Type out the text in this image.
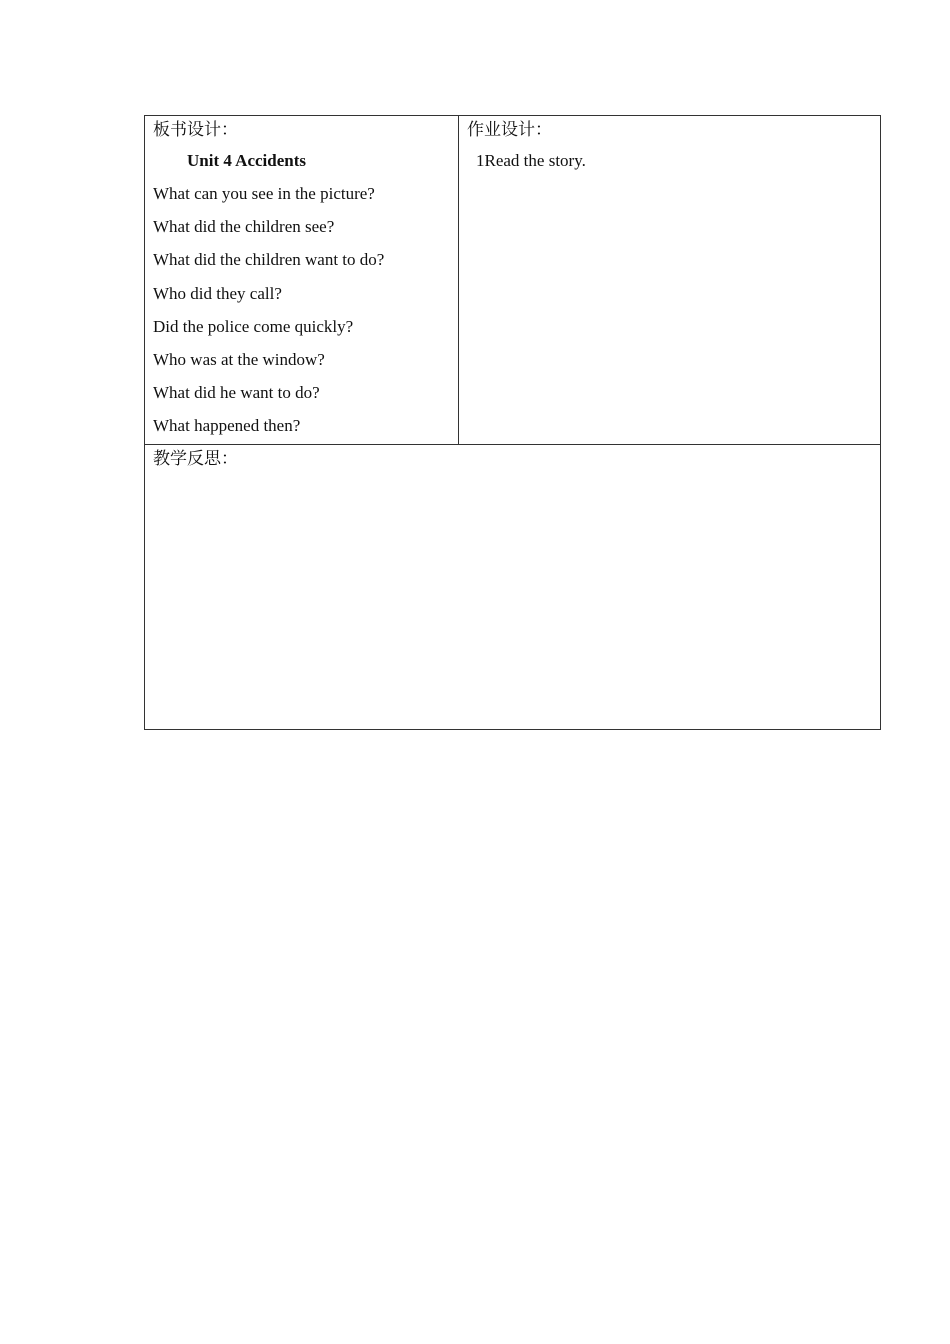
板书设计：
Unit 4 Accidents
What can you see in the picture?
What did the children see?
What did the children want to do?
Who did they call?
Did the police come quickly?
Who was at the window?
What did he want to do?
What happened then?

作业设计：
1Read the story.

教学反思：
